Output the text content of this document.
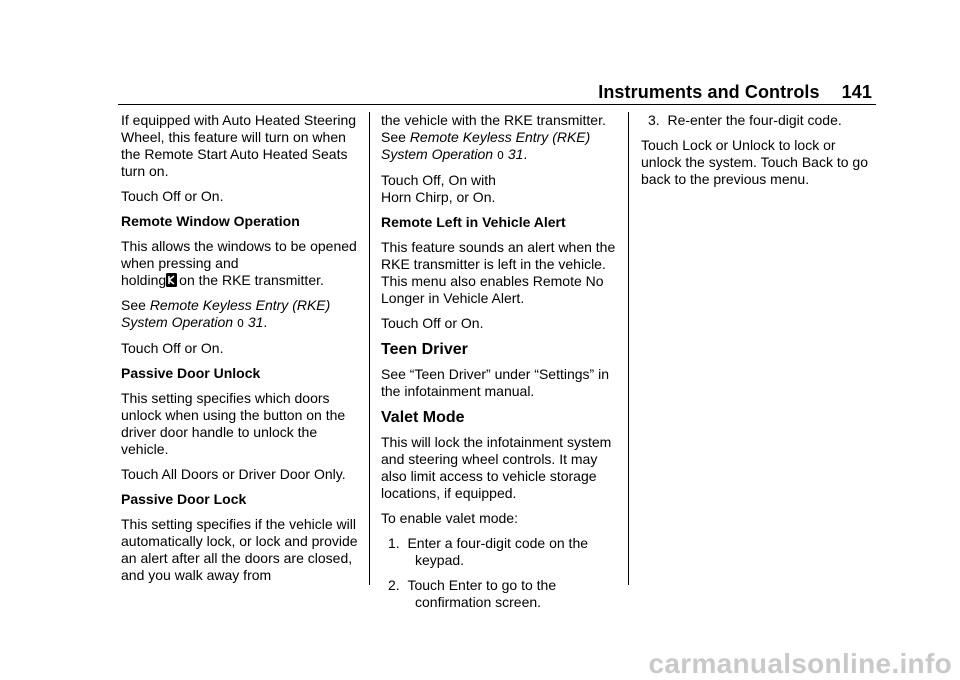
Instruments and Controls 141

If equipped with Auto Heated Steering Wheel, this feature will turn on when the Remote Start Auto Heated Seats turn on.

Touch Off or On.

Remote Window Operation

This allows the windows to be opened when pressing and
holding on the RKE transmitter.

See Remote Keyless Entry (RKE) System Operation 0 31.

Touch Off or On.

Passive Door Unlock

This setting specifies which doors unlock when using the button on the driver door handle to unlock the vehicle.

Touch All Doors or Driver Door Only.

Passive Door Lock

This setting specifies if the vehicle will automatically lock, or lock and provide an alert after all the doors are closed, and you walk away from

the vehicle with the RKE transmitter.

See Remote Keyless Entry (RKE) System Operation 0 31.

Touch Off, On with Horn Chirp, or On.

Remote Left in Vehicle Alert

This feature sounds an alert when the RKE transmitter is left in the vehicle. This menu also enables Remote No Longer in Vehicle Alert.

Touch Off or On.

Teen Driver

See “Teen Driver” under “Settings” in the infotainment manual.

Valet Mode

This will lock the infotainment system and steering wheel controls. It may also limit access to vehicle storage locations, if equipped.

To enable valet mode:

1.  Enter a four-digit code on the keypad.
2.  Touch Enter to go to the confirmation screen.
3.  Re-enter the four-digit code.

Touch Lock or Unlock to lock or unlock the system. Touch Back to go back to the previous menu.

carmanualsonline.info
